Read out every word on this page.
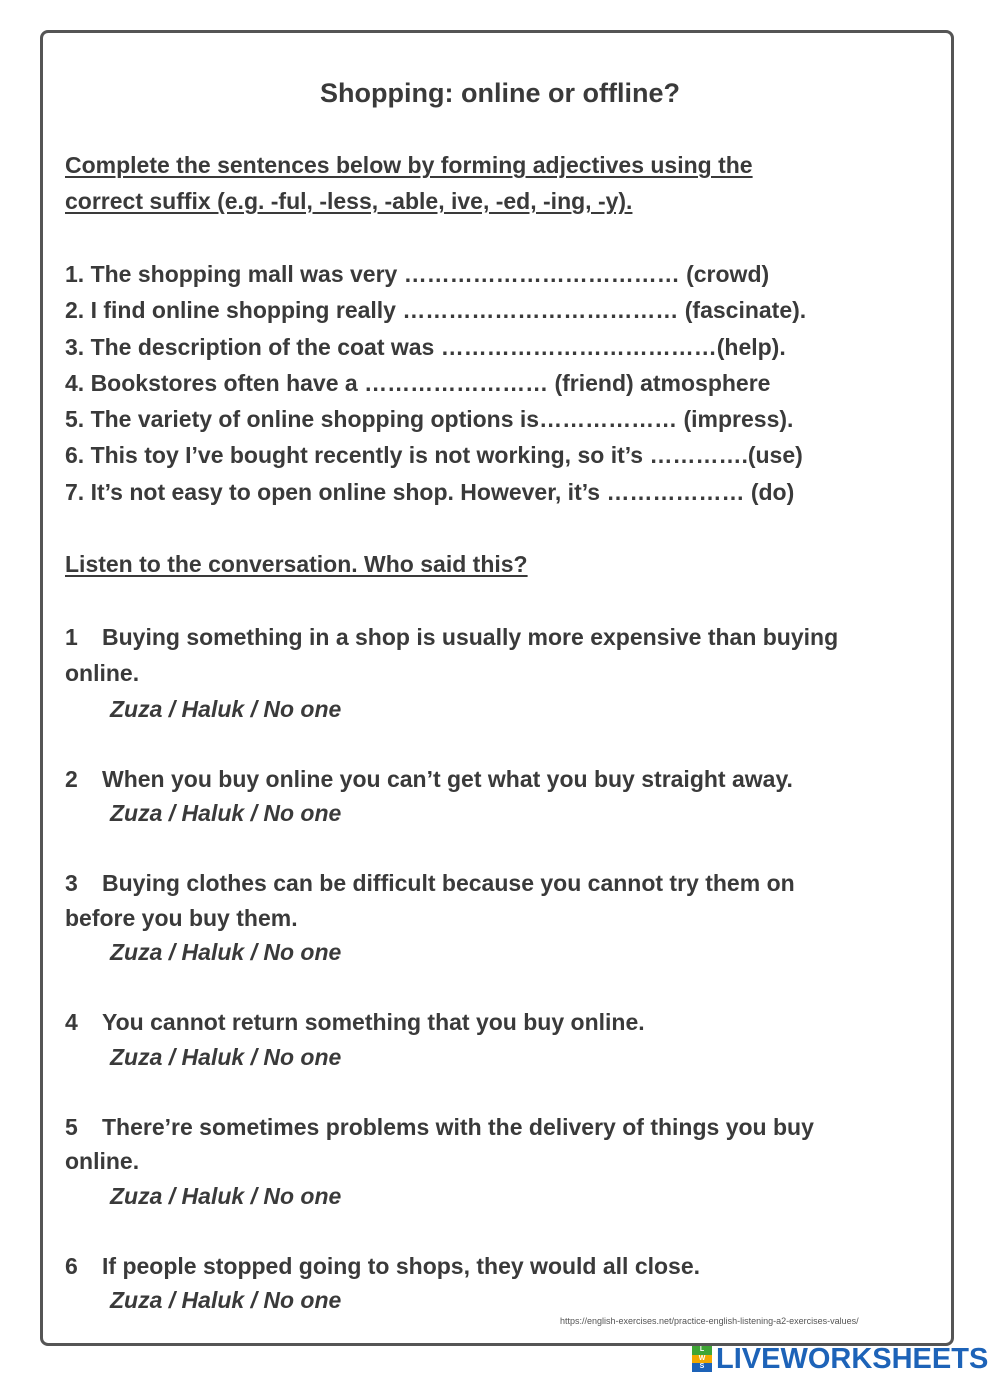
Shopping: online or offline?
Complete the sentences below by forming adjectives using the
correct suffix (e.g. -ful, -less, -able, ive, -ed, -ing, -y).
1. The shopping mall was very ……………………………… (crowd)
2. I find online shopping really ……………………………… (fascinate).
3. The description of the coat was ………………………………(help).
4. Bookstores often have a …………………… (friend) atmosphere
5. The variety of online shopping options is……………… (impress).
6. This toy I’ve bought recently is not working, so it’s ………….(use)
7. It’s not easy to open online shop. However, it’s ……………… (do)
Listen to the conversation. Who said this?
1 Buying something in a shop is usually more expensive than buying
online.
Zuza / Haluk / No one
2 When you buy online you can’t get what you buy straight away.
Zuza / Haluk / No one
3 Buying clothes can be difficult because you cannot try them on
before you buy them.
Zuza / Haluk / No one
4 You cannot return something that you buy online.
Zuza / Haluk / No one
5 There’re sometimes problems with the delivery of things you buy
online.
Zuza / Haluk / No one
6 If people stopped going to shops, they would all close.
Zuza / Haluk / No one
https://english-exercises.net/practice-english-listening-a2-exercises-values/
L
W
S LIVEWORKSHEETS
